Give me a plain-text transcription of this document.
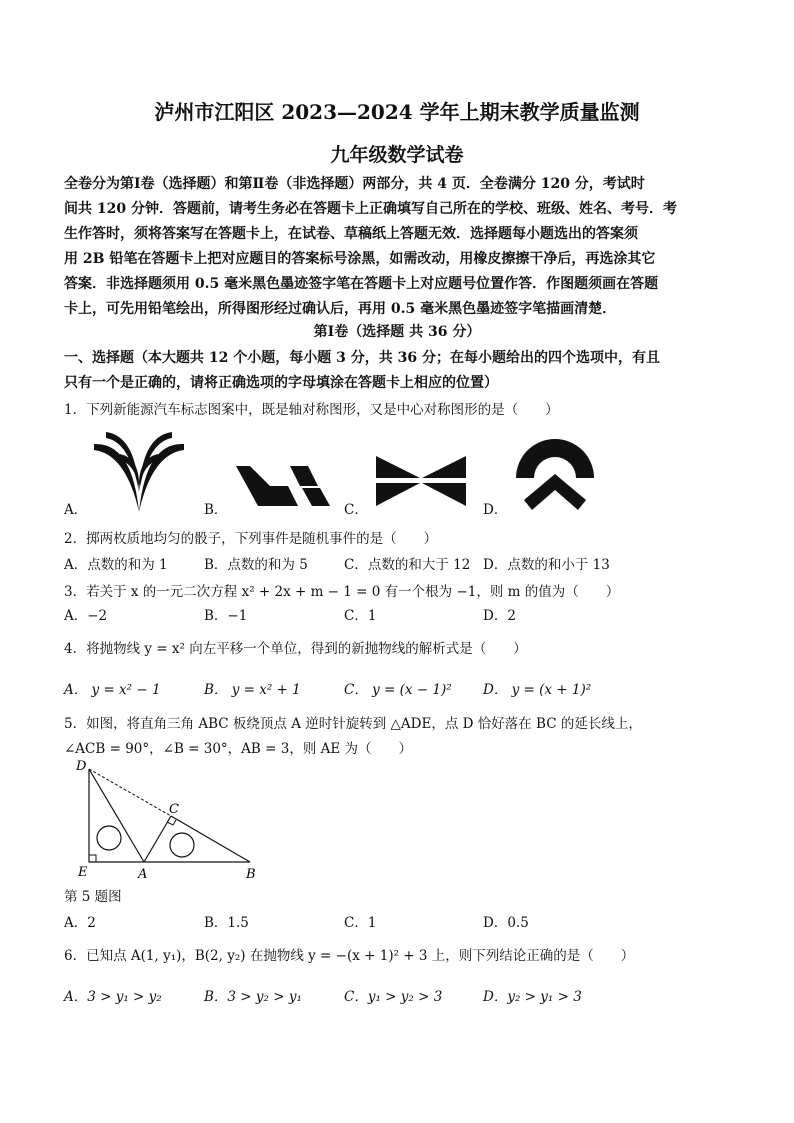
泸州市江阳区 2023—2024 学年上期末教学质量监测
九年级数学试卷
全卷分为第Ⅰ卷（选择题）和第Ⅱ卷（非选择题）两部分，共 4 页．全卷满分 120 分，考试时
间共 120 分钟．答题前，请考生务必在答题卡上正确填写自己所在的学校、班级、姓名、考号．考
生作答时，须将答案写在答题卡上，在试卷、草稿纸上答题无效．选择题每小题选出的答案须
用 2B 铅笔在答题卡上把对应题目的答案标号涂黑，如需改动，用橡皮擦擦干净后，再选涂其它
答案．非选择题须用 0.5 毫米黑色墨迹签字笔在答题卡上对应题号位置作答．作图题须画在答题
卡上，可先用铅笔绘出，所得图形经过确认后，再用 0.5 毫米黑色墨迹签字笔描画清楚．
第Ⅰ卷（选择题 共 36 分）
一、选择题（本大题共 12 个小题，每小题 3 分，共 36 分；在每小题给出的四个选项中，有且
只有一个是正确的，请将正确选项的字母填涂在答题卡上相应的位置）
1．下列新能源汽车标志图案中，既是轴对称图形，又是中心对称图形的是（　　）
A．	B．	C．	D．
2．掷两枚质地均匀的骰子，下列事件是随机事件的是（　　）
A．点数的和为 1	B．点数的和为 5	C．点数的和大于 12 D．点数的和小于 13
3．若关于 x 的一元二次方程 x² + 2x + m − 1 = 0 有一个根为 −1，则 m 的值为（　　）
A．−2	B．−1	C．1	D．2
4．将抛物线 y = x² 向左平移一个单位，得到的新抛物线的解析式是（　　）
A． y = x² − 1	B． y = x² + 1	C． y = (x − 1)² D． y = (x + 1)²
5．如图，将直角三角 ABC 板绕顶点 A 逆时针旋转到 △ADE，点 D 恰好落在 BC 的延长线上，
∠ACB = 90°，∠B = 30°，AB = 3，则 AE 为（　　）
D
C
E	A	B
第 5 题图
A．2	B．1.5	C．1	D．0.5
6．已知点 A(1, y₁)，B(2, y₂) 在抛物线 y = −(x + 1)² + 3 上，则下列结论正确的是（　　）
A．3 > y₁ > y₂	B．3 > y₂ > y₁	C．y₁ > y₂ > 3	D．y₂ > y₁ > 3
